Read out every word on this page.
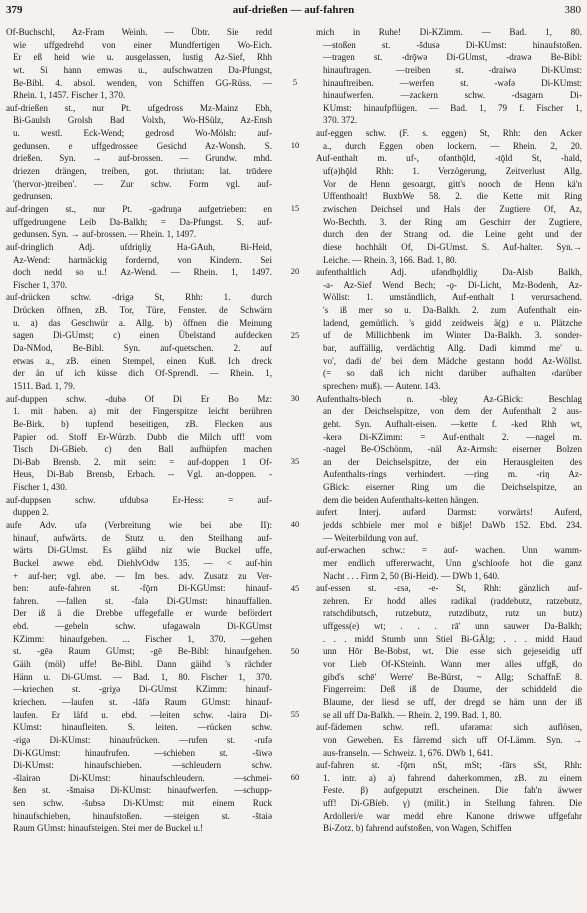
379	auf-drießen — auf-fahren	380
Of-Buchschl, Az-Fram Weinh. — Übtr. Sie redd
wie uffgedrehd von einer Mundfertigen Wo-Eich.
Er eß heid wie u. ausgelassen, lustig Az-Sief, Rhh
wt. Si hann emwas u., aufschwatzen Da-Pfungst,
Be-Bibl. 4. absol. wenden, von Schiffen GG-Rüss. —
Rhein. 1, 1457. Fischer 1, 370.
auf-drießen st., nur Pt. ufgedross Mz-Mainz Ebh,
Bi-Gaulsh Grolsh Bad Volxh, Wo-HSülz, Az-Ensh
u. westl. Eck-Wend; gedrosd Wo-Mölsh: auf-
gedunsen. e uffgedrossee Gesichd Az-Wonsh. S.
drießen. Syn. → auf-brossen. — Grundw. mhd.
driezen drängen, treiben, got. thriutan: lat. trūdere
'(hervor-)treiben'. — Zur schw. Form vgl. auf-
gedrunsen.
auf-dringen st., nur Pt. -gədruŋə aufgetrieben: en
uffgedrungene Leib Da-Balkh; = Da-Pfungst. S. auf-
gedunsen. Syn. → auf-brossen. — Rhein. 1, 1497.
auf-dringlich Adj. ufdriŋliχ Ha-GAuh, Bi-Heid,
Az-Wend: hartnäckig fordernd, von Kindern. Sei
doch nedd so u.! Az-Wend. — Rhein. 1, 1497.
Fischer 1, 370.
auf-drücken schw. -drigə St, Rhh: 1. durch
Drücken öffnen, zB. Tor, Türe, Fenster. de Schwärn
u. a) das Geschwür a. Allg. b) öffnen die Meinung
sagen Di-GUmst; c) einen Übelstand aufdecken
Da-NMod, Be-Bibl. Syn. auf-quetschen. 2. auf
etwas a., zB. einen Stempel, einen Kuß. Ich dreck
der än uf ich küsse dich Of-Sprendl. — Rhein. 1,
1511. Bad. 1, 79.
auf-duppen schw. -dubə Of Di Er Bo Mz:
1. mit haben. a) mit der Fingerspitze leicht berühren
Be-Birk. b) tupfend beseitigen, zB. Flecken aus
Papier od. Stoff Er-Würzb. Dubb die Milch uff! vom
Tisch Di-GBieb. c) den Ball aufhüpfen machen
Di-Bab Brensb. 2. mit sein: = auf-doppen 1 Of-
Heus, Di-Bab Brensb, Erbach. -- Vgl. an-doppen. -
Fischer 1, 430.
auf-duppsen schw. ufdubsə Er-Hess: = auf-
duppen 2.
aufe Adv. ufə (Verbreitung wie bei abe II):
hinauf, aufwärts. de Stutz u. den Steilhang auf-
wärts Di-GUmst. Es gäihd niz wie Buckel uffe,
Buckel awwe ebd. DiehlvOdw 135. — < auf-hin
+ auf-her; vgl. abe. — Im bes. adv. Zusatz zu Ver-
ben: aufe-fahren st. -fǭrn Di-KGUmst: hinauf-
fahren. —fallen st. -falə Di-GUmst: hinauffallen.
Der iß ä die Drebbe uffegefalle er wurde befördert
ebd. —gebeln schw. ufəgawəln Di-KGUmst
KZimm: hinaufgeben. ... Fischer 1, 370. —gehen
st. -gēə Raum GUmst; -gē Be-Bibl: hinaufgehen.
Gäih (möl) uffe! Be-Bibl. Dann gäihd 's rächder
Hänn u. Di-GUmst. — Bad. 1, 80. Fischer 1, 370.
—kriechen st. -griχə Di-GUmst KZimm: hinauf-
kriechen. —laufen st. -lāfə Raum GUmst: hinauf-
laufen. Er läfd u. ebd. —leiten schw. -lairə Di-
KUmst: hinaufleiten. S. leiten. —rücken schw.
-rigə Di-KUmst: hinaufrücken. —rufen st. -rufə
Di-KGUmst: hinaufrufen. —schieben st. -šiwə
Di-KUmst: hinaufschieben. —schleudern schw.
-šlairən Di-KUmst: hinaufschleudern. —schmei-
ßen st. -šmaisə Di-KUmst: hinaufwerfen. —schupp-
sen schw. -šubsə Di-KUmst: mit einem Ruck
hinaufschieben, hinaufstoßen. —steigen st. -štaiə
Raum GUmst: hinaufsteigen. Stei mer de Buckel u.!
5
10
15
20
25
30
35
40
45
50
55
60
mich in Ruhe! Di-KZimm. — Bad. 1, 80.
—stoßen st. -šdusə Di-KUmst: hinaufstoßen.
—tragen st. -drǭwə Di-GUmst, -drawə Be-Bibl:
hinauftragen. —treiben st. -draiwə Di-KUmst:
hinauftreiben. —werfen st. -wəfə Di-KUmst:
hinaufwerfen. —zackern schw. -dsagərn Di-
KUmst: hinaufpflügen. — Bad. 1, 79 f. Fischer 1,
370. 372.
auf-eggen schw. (F. s. eggen) St, Rhh: den Acker
a., durch Eggen oben lockern. — Rhein. 2, 20.
Auf-enthalt m. uf-, ofənthǭld, -tǭld St, -hald,
uf(ə)hǭld Rhh: 1. Verzögerung, Zeitverlust Allg.
Vor de Henn gesoargt, gitt's nooch de Henn kä'n
Uffenthoalt! BuxbWe 58. 2. die Kette mit Ring
zwischen Deichsel und Hals der Zugtiere Of, Az,
Wo-Bechth. 3. der Ring am Geschirr der Zugtiere,
durch den der Strang od. die Leine geht und der
diese hochhält Of, Di-GUmst. S. Auf-halter. Syn.→
Leiche. — Rhein. 3, 166. Bad. 1, 80.
aufenthaltlich Adj. ufəndhǫldliχ Da-Alsb Balkh,
-a- Az-Sief Wend Bech; -ǫ- Di-Licht, Mz-Bodenh, Az-
Wöllst: 1. umständlich, Auf-enthalt 1 verursachend.
's iß mer so u. Da-Balkh. 2. zum Aufenthalt ein-
ladend, gemütlich. 's gidd zeidweis ä(g) e u. Plätzche
uf de Millichbenk im Winter Da-Balkh. 3. sonder-
bar, auffällig, verdächtig Allg. Dadi kimmd me' u.
vo', dadi de' bei dem Mädche gestann hodd Az-Wöllst.
(= so daß ich nicht darüber aufhalten ‹darüber
sprechen› muß). — Autenr. 143.
Aufenthalts-blech n. -bleχ Az-GBick: Beschlag
an der Deichselspitze, von dem der Aufenthalt 2 aus-
geht. Syn. Aufhalt-eisen. —kette f. -ked Rhh wt,
-kerə Di-KZimm: = Auf-enthalt 2. —nagel m.
-nagel Be-OSchönm, -näl Az-Armsh: eiserner Bolzen
an der Deichselspitze, der ein Herausgleiten des
Aufenthalts-rings verhindert. —ring m. -riŋ Az-
GBick: eiserner Ring um die Deichselspitze, an
dem die beiden Aufenthalts-ketten hängen.
aufert Interj. aufərd Darmst: vorwärts! Auferd,
jedds schbiele mer mol e bißje! DaWb 152. Ebd. 234.
— Weiterbildung von auf.
auf-erwachen schw.: = auf- wachen. Unn wamm-
mer endlich uffererwacht, Unn g'schloofe hot die ganz
Nacht . . . Firm 2, 50 (Bi-Heid). — DWb 1, 640.
auf-essen st. -ɛsə, -e- St, Rhh: gänzlich auf-
zehren. Er hodd alles radikal (raddebutz, ratzebutz,
ratschdibutsch, rutzebutz, rutzdibutz, rutz un butz)
uffgess(e) wt; . . . rā' unn sauwer Da-Balkh;
. . . midd Stumb unn Stiel Bi-GÄlg; . . . midd Haud
unn Hōr Be-Bobst, wt. Die esse sich gejeseidig uff
vor Lieb Of-KSteinh. Wann mer alles uffgß, do
gibd's schē' Werre' Be-Bürst, ~ Allg; SchaffnE 8.
Fingerreim: Deß iß de Daume, der schiddeld die
Blaume, der liesd se uff, der dregd se häm unn der iß
se all uff Da-Balkh. — Rhein. 2, 199. Bad. 1, 80.
auf-fädemen schw. refl. ufərəmə: sich auflösen,
von Geweben. Es färremd sich uff Of-Lämm. Syn. →
aus-franseln. — Schweiz. 1, 676. DWb 1, 641.
auf-fahren st. -fǭrn nSt, mSt; -fārs sSt, Rhh:
1. intr. a) a) fahrend daherkommen, zB. zu einem
Feste. β) aufgeputzt erscheinen. Die fah'n äwwer
uff! Di-GBieb. γ) (milit.) in Stellung fahren. Die
Ardolleri/e war medd ehre Kanone driwwe uffgefahr
Bi-Zotz. b) fahrend aufstoßen, von Wagen, Schiffen
